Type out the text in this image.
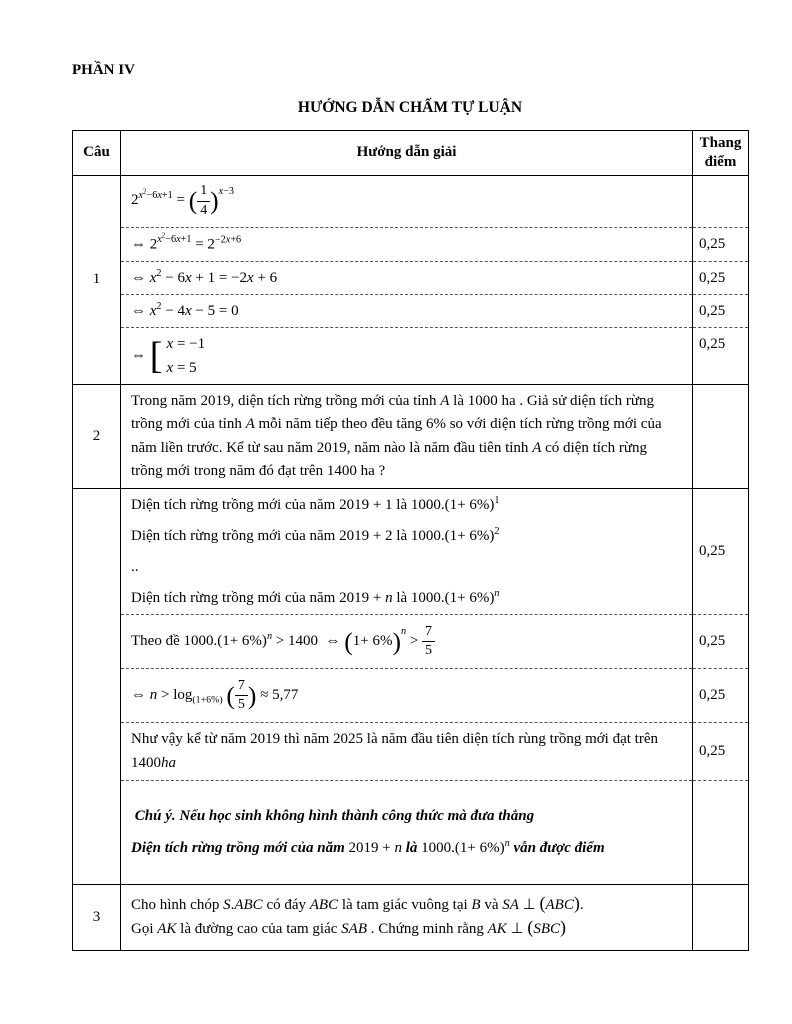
PHẦN IV
HƯỚNG DẪN CHẤM TỰ LUẬN
Câu	Hướng dẫn giải	Thang
điểm
1	$2^{x^2-6x+1}$ = ( $\frac{1}{4} )^{x-3}$	
	⇔ $2^{x^2-6x+1} = 2^{-2x+6}$	0,25
	⇔ $x^2 - 6x + 1 = -2x + 6$	0,25
	⇔ $x^2 - 4x - 5 = 0$	0,25
	⇔ [ x = −1
x = 5	0,25
2	Trong năm 2019, diện tích rừng trồng mới của tỉnh A là 1000 ha . Giả sử diện tích rừng trồng mới của tỉnh A mỗi năm tiếp theo đều tăng 6% so với diện tích rừng trồng mới của năm liền trước. Kể từ sau năm 2019, năm nào là năm đầu tiên tỉnh A có diện tích rừng trồng mới trong năm đó đạt trên 1400 ha ?	

	Diện tích rừng trồng mới của năm 2019 + 1 là $1000.(1+ 6\%)^1$
Diện tích rừng trồng mới của năm 2019 + 2 là $1000.(1+ 6\%)^2$
..
Diện tích rừng trồng mới của năm 2019 + n là $1000.(1+ 6\%)^n$	0,25
	Theo đề $1000.(1+ 6\%)^n > 1400$  ⇔ $(1+ 6\%)^n > \frac{7}{5}$	0,25
	⇔ $n > \log_{(1+6\%)}$ ( $\frac{7}{5}$ ) ≈ 5,77	0,25
	Như vậy kể từ năm 2019 thì năm 2025 là năm đầu tiên diện tích rùng trồng mới đạt trên 1400ha	0,25

	Chú ý. Nếu học sinh không hình thành công thức mà đưa thẳng
Diện tích rừng trồng mới của năm 2019 + n là $1000.(1+ 6\%)^n$ vẫn được điểm	

3	Cho hình chóp S.ABC có đáy ABC là tam giác vuông tại B và SA ⊥ (ABC).
Gọi AK là đường cao của tam giác SAB . Chứng minh rằng AK ⊥ (SBC)	
